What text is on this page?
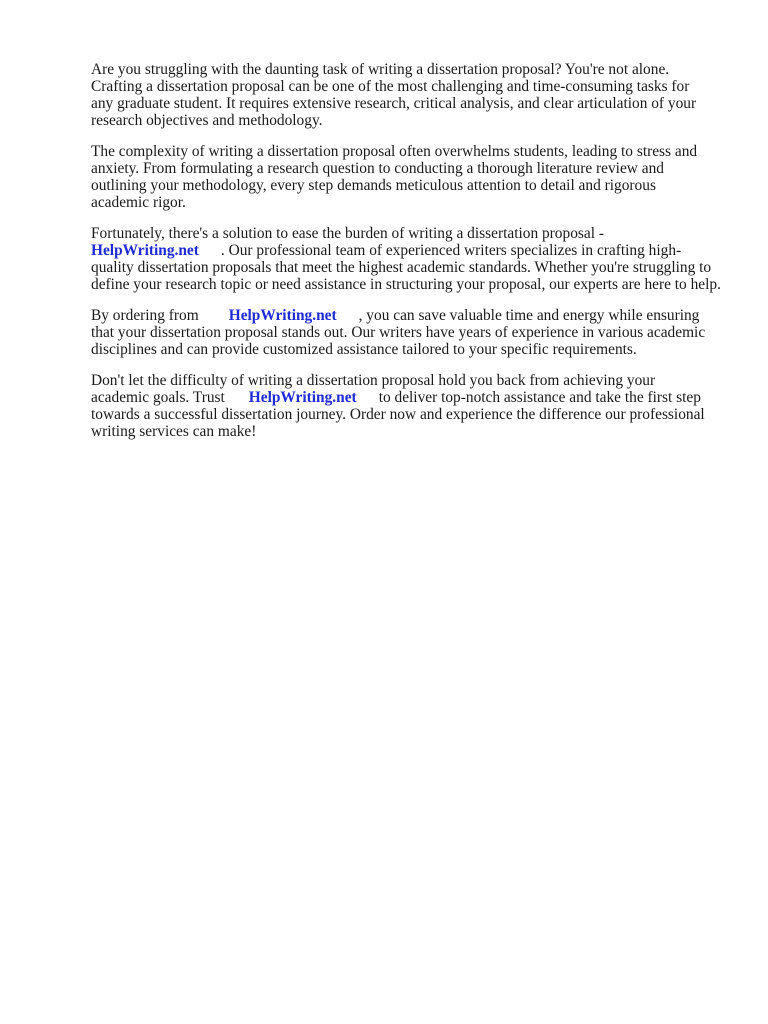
Are you struggling with the daunting task of writing a dissertation proposal? You're not alone.
Crafting a dissertation proposal can be one of the most challenging and time-consuming tasks for
any graduate student. It requires extensive research, critical analysis, and clear articulation of your
research objectives and methodology.

The complexity of writing a dissertation proposal often overwhelms students, leading to stress and
anxiety. From formulating a research question to conducting a thorough literature review and
outlining your methodology, every step demands meticulous attention to detail and rigorous
academic rigor.

Fortunately, there's a solution to ease the burden of writing a dissertation proposal -
HelpWriting.net . Our professional team of experienced writers specializes in crafting high-
quality dissertation proposals that meet the highest academic standards. Whether you're struggling to
define your research topic or need assistance in structuring your proposal, our experts are here to help.

By ordering from HelpWriting.net , you can save valuable time and energy while ensuring
that your dissertation proposal stands out. Our writers have years of experience in various academic
disciplines and can provide customized assistance tailored to your specific requirements.

Don't let the difficulty of writing a dissertation proposal hold you back from achieving your
academic goals. Trust HelpWriting.net to deliver top-notch assistance and take the first step
towards a successful dissertation journey. Order now and experience the difference our professional
writing services can make!
